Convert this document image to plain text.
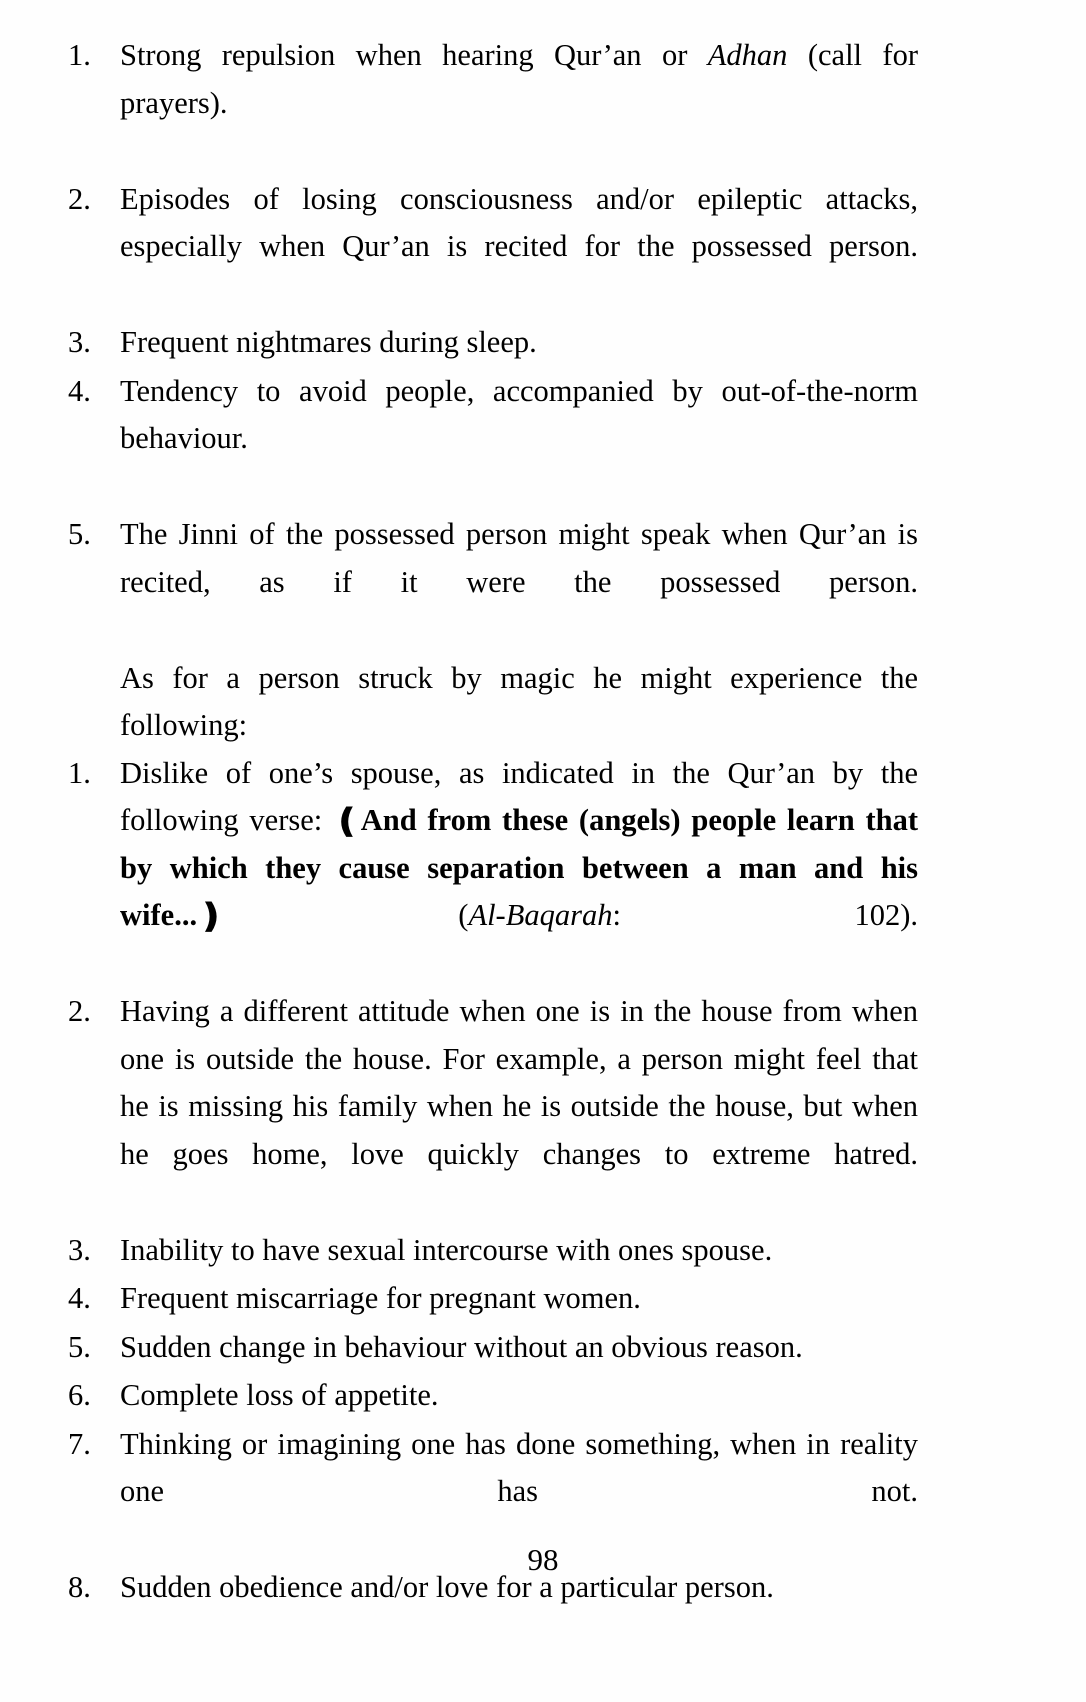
1. Strong repulsion when hearing Qur’an or Adhan (call for prayers).
2. Episodes of losing consciousness and/or epileptic attacks, especially when Qur’an is recited for the possessed person.
3. Frequent nightmares during sleep.
4. Tendency to avoid people, accompanied by out-of-the-norm behaviour.
5. The Jinni of the possessed person might speak when Qur’an is recited, as if it were the possessed person.

As for a person struck by magic he might experience the following:

1. Dislike of one’s spouse, as indicated in the Qur’an by the following verse: ❪And from these (angels) people learn that by which they cause separation between a man and his wife...❫ (Al-Baqarah: 102).
2. Having a different attitude when one is in the house from when one is outside the house. For example, a person might feel that he is missing his family when he is outside the house, but when he goes home, love quickly changes to extreme hatred.
3. Inability to have sexual intercourse with ones spouse.
4. Frequent miscarriage for pregnant women.
5. Sudden change in behaviour without an obvious reason.
6. Complete loss of appetite.
7. Thinking or imagining one has done something, when in reality one has not.
8. Sudden obedience and/or love for a particular person.
98
